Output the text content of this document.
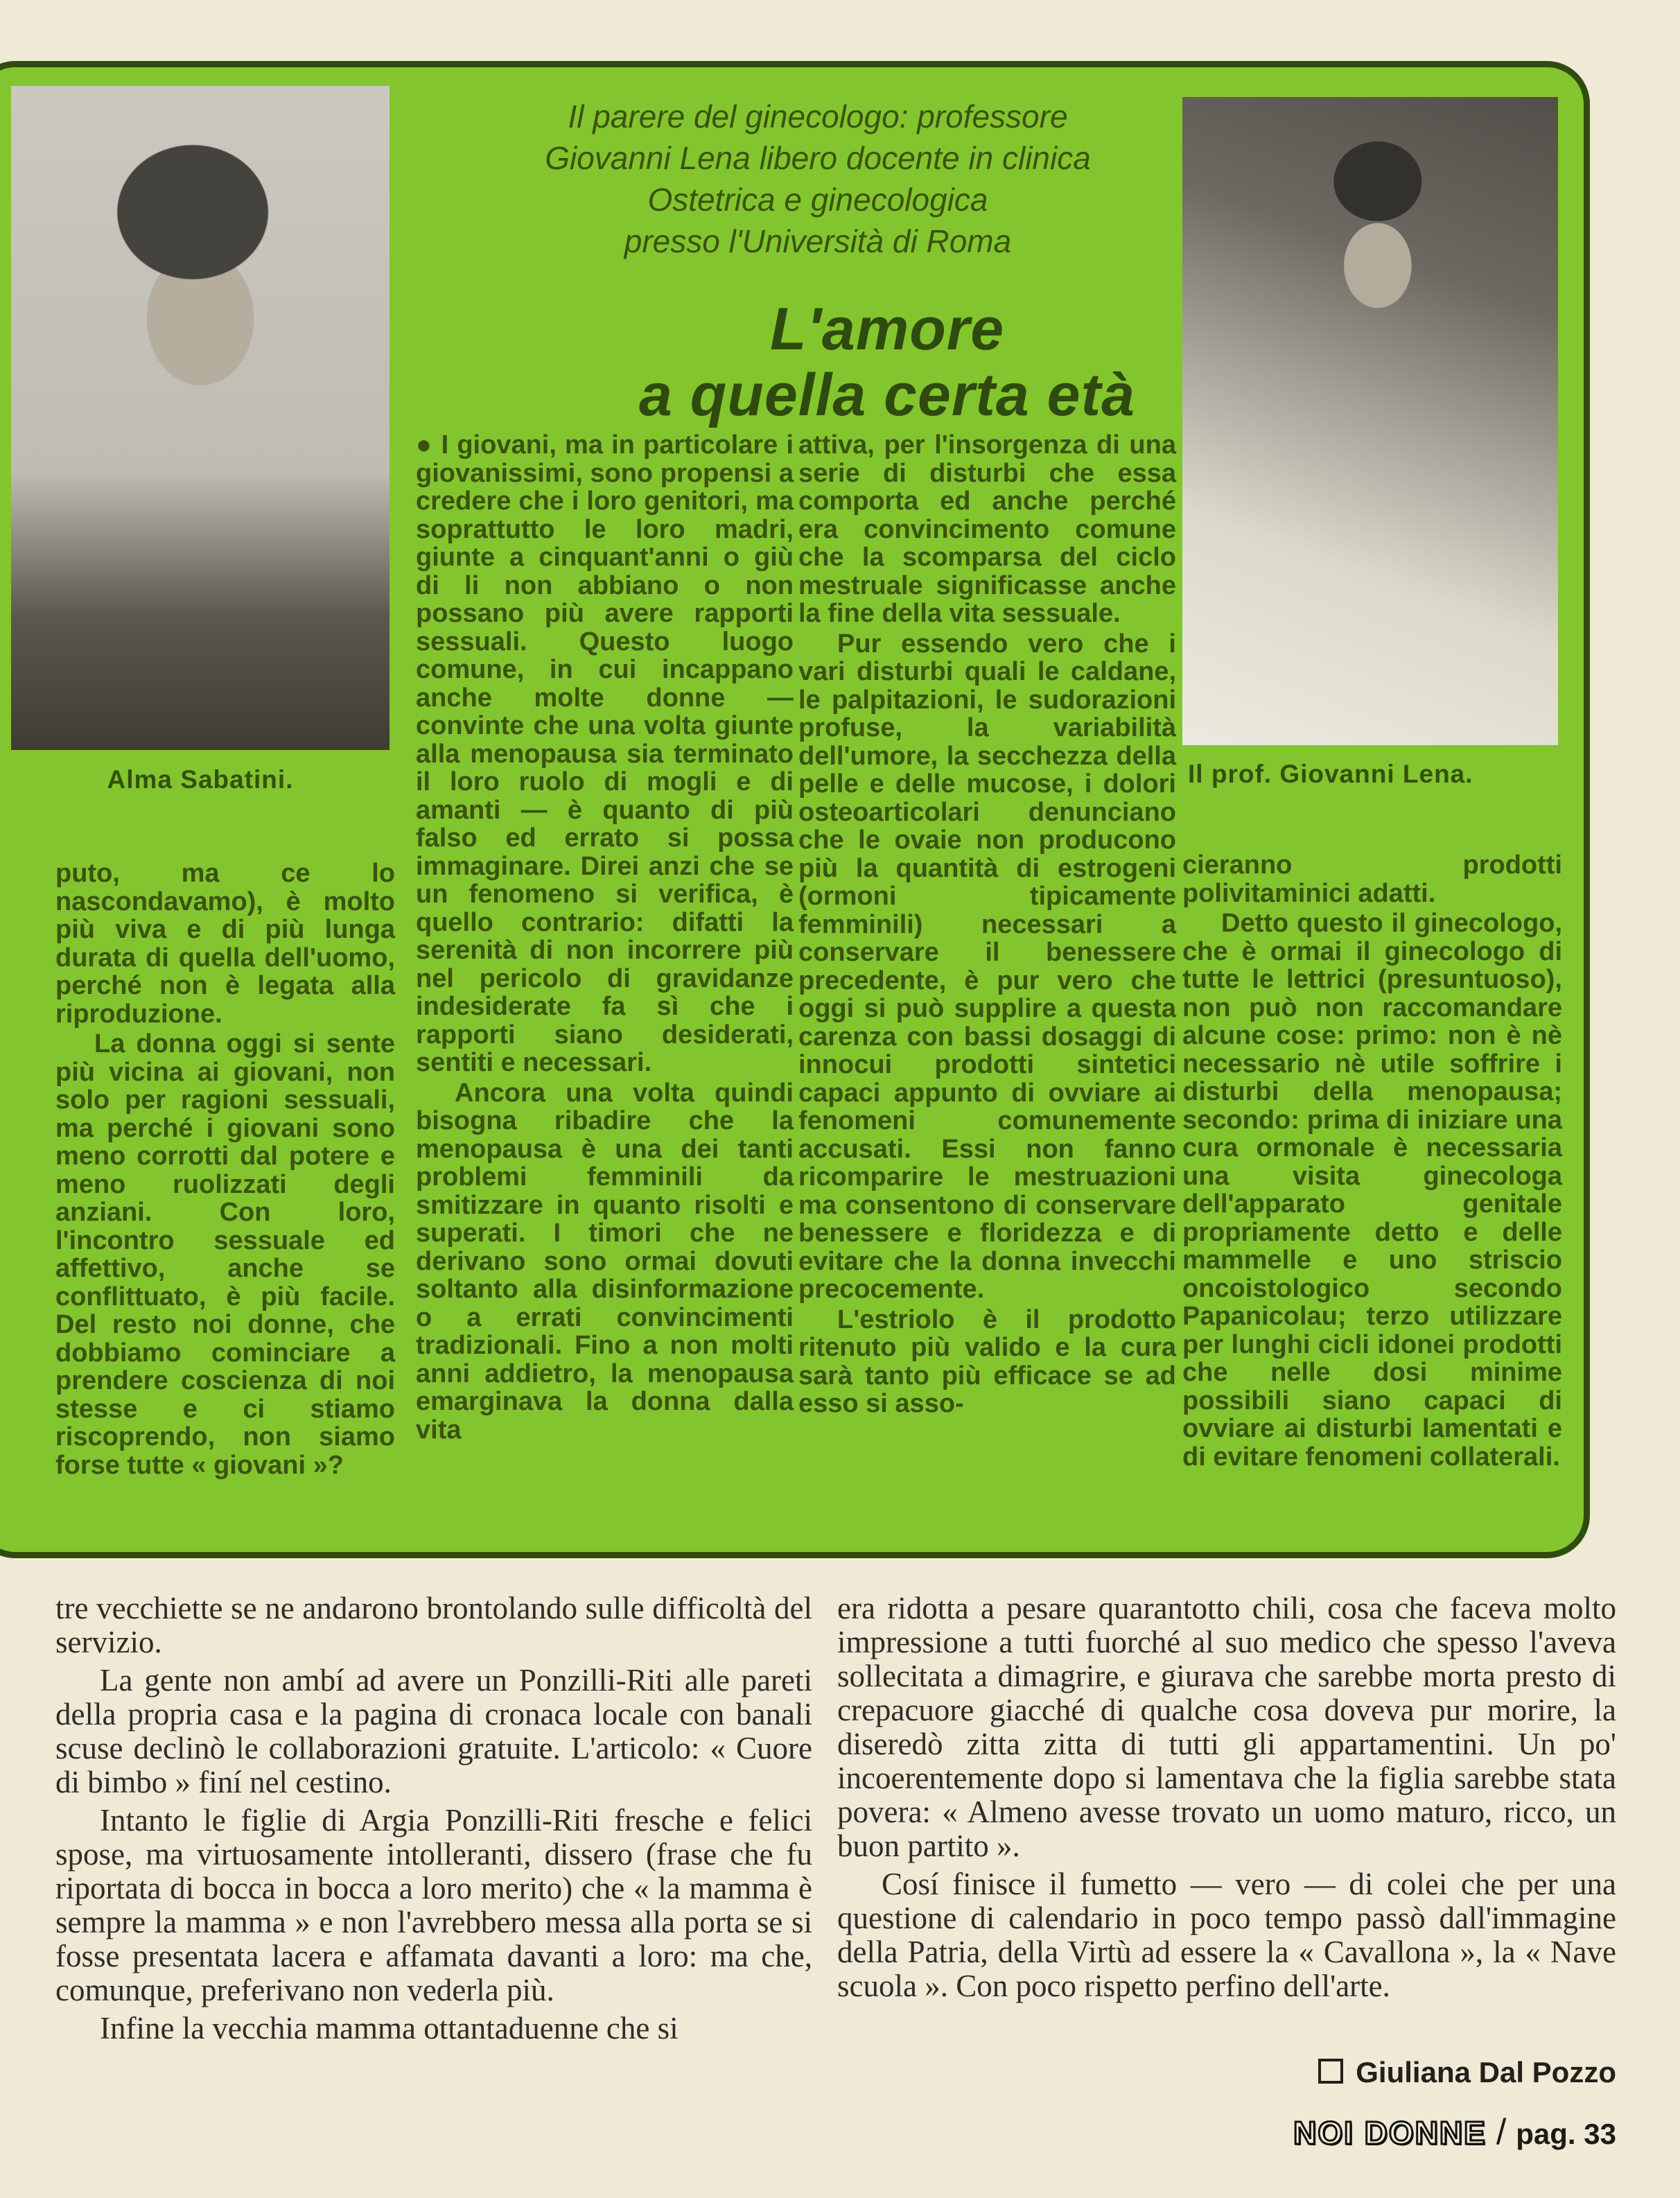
Alma Sabatini.	Il prof. Giovanni Lena.
Il parere del ginecologo: professore
Giovanni Lena libero docente in clinica
Ostetrica e ginecologica
presso l'Università di Roma
L'amore
a quella certa età

puto, ma ce lo nascondavamo), è molto più viva e di più lunga durata di quella dell'uomo, perché non è legata alla riproduzione.

La donna oggi si sente più vicina ai giovani, non solo per ragioni sessuali, ma perché i giovani sono meno corrotti dal potere e meno ruolizzati degli anziani. Con loro, l'incontro sessuale ed affettivo, anche se conflittuato, è più facile. Del resto noi donne, che dobbiamo cominciare a prendere coscienza di noi stesse e ci stiamo riscoprendo, non siamo forse tutte « giovani »?

● I giovani, ma in particolare i giovanissimi, sono propensi a credere che i loro genitori, ma soprattutto le loro madri, giunte a cinquant'anni o giù di li non abbiano o non possano più avere rapporti sessuali. Questo luogo comune, in cui incappano anche molte donne — convinte che una volta giunte alla menopausa sia terminato il loro ruolo di mogli e di amanti — è quanto di più falso ed errato si possa immaginare. Direi anzi che se un fenomeno si verifica, è quello contrario: difatti la serenità di non incorrere più nel pericolo di gravidanze indesiderate fa sì che i rapporti siano desiderati, sentiti e necessari.

Ancora una volta quindi bisogna ribadire che la menopausa è una dei tanti problemi femminili da smitizzare in quanto risolti e superati. I timori che ne derivano sono ormai dovuti soltanto alla disinformazione o a errati convincimenti tradizionali. Fino a non molti anni addietro, la menopausa emarginava la donna dalla vita

attiva, per l'insorgenza di una serie di disturbi che essa comporta ed anche perché era convincimento comune che la scomparsa del ciclo mestruale significasse anche la fine della vita sessuale.

Pur essendo vero che i vari disturbi quali le caldane, le palpitazioni, le sudorazioni profuse, la variabilità dell'umore, la secchezza della pelle e delle mucose, i dolori osteoarticolari denunciano che le ovaie non producono più la quantità di estrogeni (ormoni tipicamente femminili) necessari a conservare il benessere precedente, è pur vero che oggi si può supplire a questa carenza con bassi dosaggi di innocui prodotti sintetici capaci appunto di ovviare ai fenomeni comunemente accusati. Essi non fanno ricomparire le mestruazioni ma consentono di conservare benessere e floridezza e di evitare che la donna invecchi precocemente.

L'estriolo è il prodotto ritenuto più valido e la cura sarà tanto più efficace se ad esso si asso-

cieranno prodotti polivitaminici adatti.

Detto questo il ginecologo, che è ormai il ginecologo di tutte le lettrici (presuntuoso), non può non raccomandare alcune cose: primo: non è nè necessario nè utile soffrire i disturbi della menopausa; secondo: prima di iniziare una cura ormonale è necessaria una visita ginecologa dell'apparato genitale propriamente detto e delle mammelle e uno striscio oncoistologico secondo Papanicolau; terzo utilizzare per lunghi cicli idonei prodotti che nelle dosi minime possibili siano capaci di ovviare ai disturbi lamentati e di evitare fenomeni collaterali.

tre vecchiette se ne andarono brontolando sulle difficoltà del servizio.

La gente non ambí ad avere un Ponzilli-Riti alle pareti della propria casa e la pagina di cronaca locale con banali scuse declinò le collaborazioni gratuite. L'articolo: « Cuore di bimbo » finí nel cestino.

Intanto le figlie di Argia Ponzilli-Riti fresche e felici spose, ma virtuosamente intolleranti, dissero (frase che fu riportata di bocca in bocca a loro merito) che « la mamma è sempre la mamma » e non l'avrebbero messa alla porta se si fosse presentata lacera e affamata davanti a loro: ma che, comunque, preferivano non vederla più.

Infine la vecchia mamma ottantaduenne che si

era ridotta a pesare quarantotto chili, cosa che faceva molto impressione a tutti fuorché al suo medico che spesso l'aveva sollecitata a dimagrire, e giurava che sarebbe morta presto di crepacuore giacché di qualche cosa doveva pur morire, la diseredò zitta zitta di tutti gli appartamentini. Un po' incoerentemente dopo si lamentava che la figlia sarebbe stata povera: « Almeno avesse trovato un uomo maturo, ricco, un buon partito ».

Cosí finisce il fumetto — vero — di colei che per una questione di calendario in poco tempo passò dall'immagine della Patria, della Virtù ad essere la « Cavallona », la « Nave scuola ». Con poco rispetto perfino dell'arte.

Giuliana Dal Pozzo
NOI DONNE / pag. 33
